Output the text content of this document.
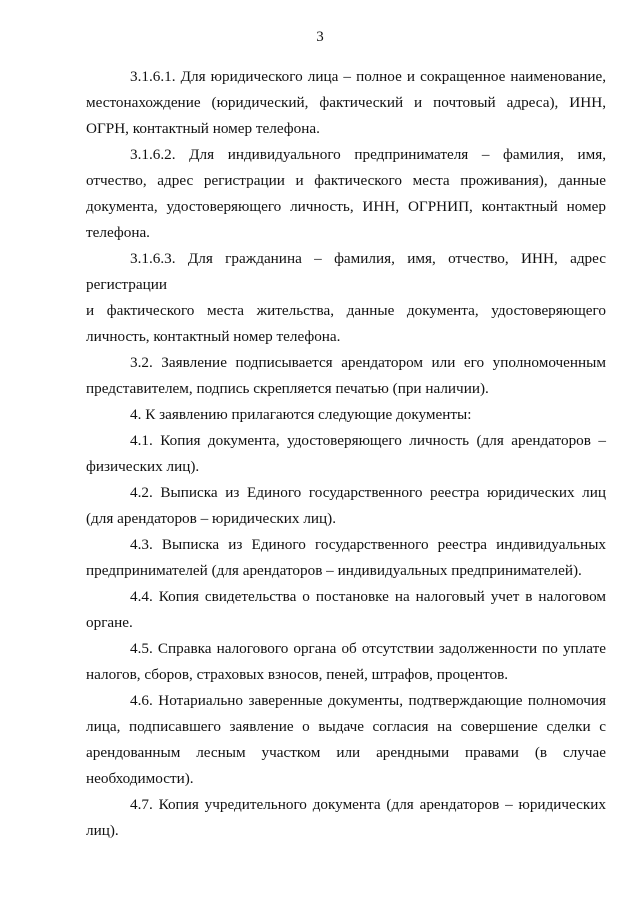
3

3.1.6.1. Для юридического лица – полное и сокращенное наименование, местонахождение (юридический, фактический и почтовый адреса), ИНН, ОГРН, контактный номер телефона.

3.1.6.2. Для индивидуального предпринимателя – фамилия, имя, отчество, адрес регистрации и фактического места проживания), данные документа, удостоверяющего личность, ИНН, ОГРНИП, контактный номер телефона.

3.1.6.3. Для гражданина – фамилия, имя, отчество, ИНН, адрес
регистрации

и фактического места жительства, данные документа, удостоверяющего личность, контактный номер телефона.

3.2. Заявление подписывается арендатором или его уполномоченным представителем, подпись скрепляется печатью (при наличии).

4. К заявлению прилагаются следующие документы:

4.1. Копия документа, удостоверяющего личность (для арендаторов – физических лиц).

4.2. Выписка из Единого государственного реестра юридических лиц (для арендаторов – юридических лиц).

4.3. Выписка из Единого государственного реестра индивидуальных предпринимателей (для арендаторов – индивидуальных предпринимателей).

4.4. Копия свидетельства о постановке на налоговый учет в налоговом органе.

4.5. Справка налогового органа об отсутствии задолженности по уплате налогов, сборов, страховых взносов, пеней, штрафов, процентов.

4.6. Нотариально заверенные документы, подтверждающие полномочия лица, подписавшего заявление о выдаче согласия на совершение сделки с арендованным лесным участком или арендными правами (в случае необходимости).

4.7. Копия учредительного документа (для арендаторов – юридических лиц).
